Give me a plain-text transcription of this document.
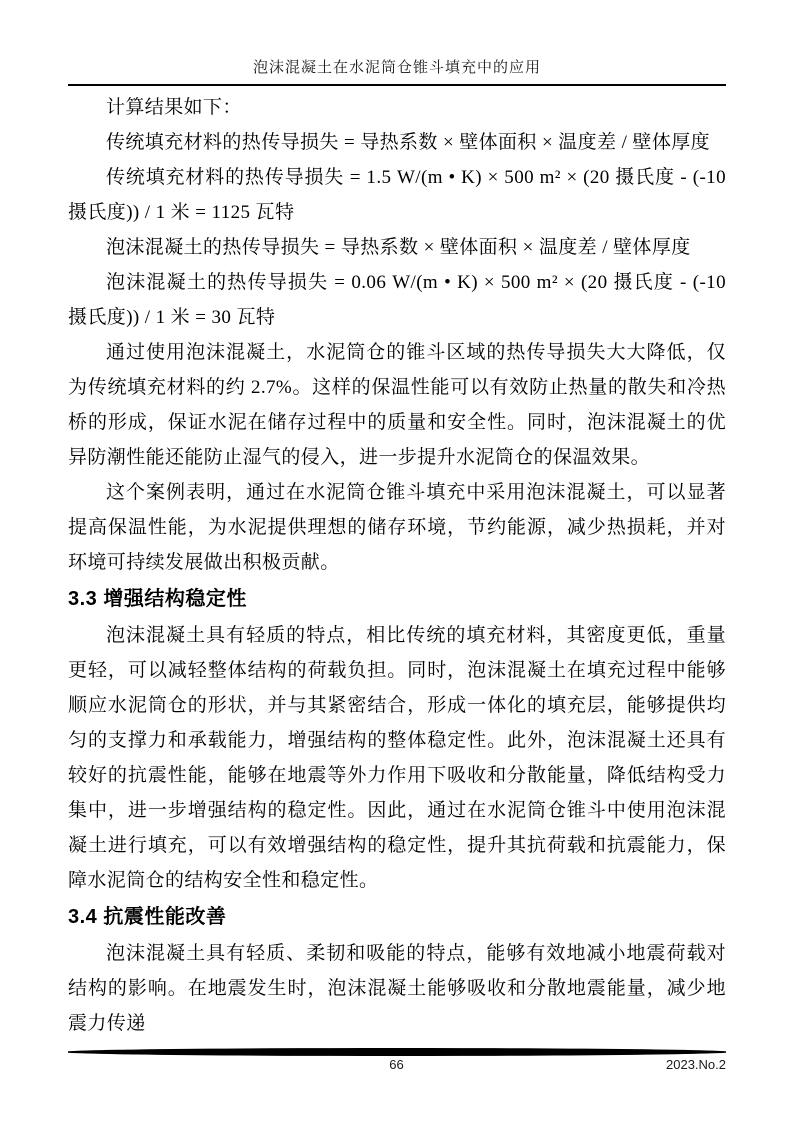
泡沫混凝土在水泥筒仓锥斗填充中的应用

计算结果如下：

传统填充材料的热传导损失 = 导热系数 × 壁体面积 × 温度差 / 壁体厚度

传统填充材料的热传导损失 = 1.5 W/(m • K) × 500 m² × (20 摄氏度 - (-10 摄氏度)) / 1 米 = 1125 瓦特

泡沫混凝土的热传导损失 = 导热系数 × 壁体面积 × 温度差 / 壁体厚度

泡沫混凝土的热传导损失 = 0.06 W/(m • K) × 500 m² × (20 摄氏度 - (-10 摄氏度)) / 1 米 = 30 瓦特

通过使用泡沫混凝土，水泥筒仓的锥斗区域的热传导损失大大降低，仅为传统填充材料的约 2.7%。这样的保温性能可以有效防止热量的散失和冷热桥的形成，保证水泥在储存过程中的质量和安全性。同时，泡沫混凝土的优异防潮性能还能防止湿气的侵入，进一步提升水泥筒仓的保温效果。

这个案例表明，通过在水泥筒仓锥斗填充中采用泡沫混凝土，可以显著提高保温性能，为水泥提供理想的储存环境，节约能源，减少热损耗，并对环境可持续发展做出积极贡献。

3.3 增强结构稳定性

泡沫混凝土具有轻质的特点，相比传统的填充材料，其密度更低，重量更轻，可以减轻整体结构的荷载负担。同时，泡沫混凝土在填充过程中能够顺应水泥筒仓的形状，并与其紧密结合，形成一体化的填充层，能够提供均匀的支撑力和承载能力，增强结构的整体稳定性。此外，泡沫混凝土还具有较好的抗震性能，能够在地震等外力作用下吸收和分散能量，降低结构受力集中，进一步增强结构的稳定性。因此，通过在水泥筒仓锥斗中使用泡沫混凝土进行填充，可以有效增强结构的稳定性，提升其抗荷载和抗震能力，保障水泥筒仓的结构安全性和稳定性。

3.4 抗震性能改善

泡沫混凝土具有轻质、柔韧和吸能的特点，能够有效地减小地震荷载对结构的影响。在地震发生时，泡沫混凝土能够吸收和分散地震能量，减少地震力传递

66	2023.No.2
